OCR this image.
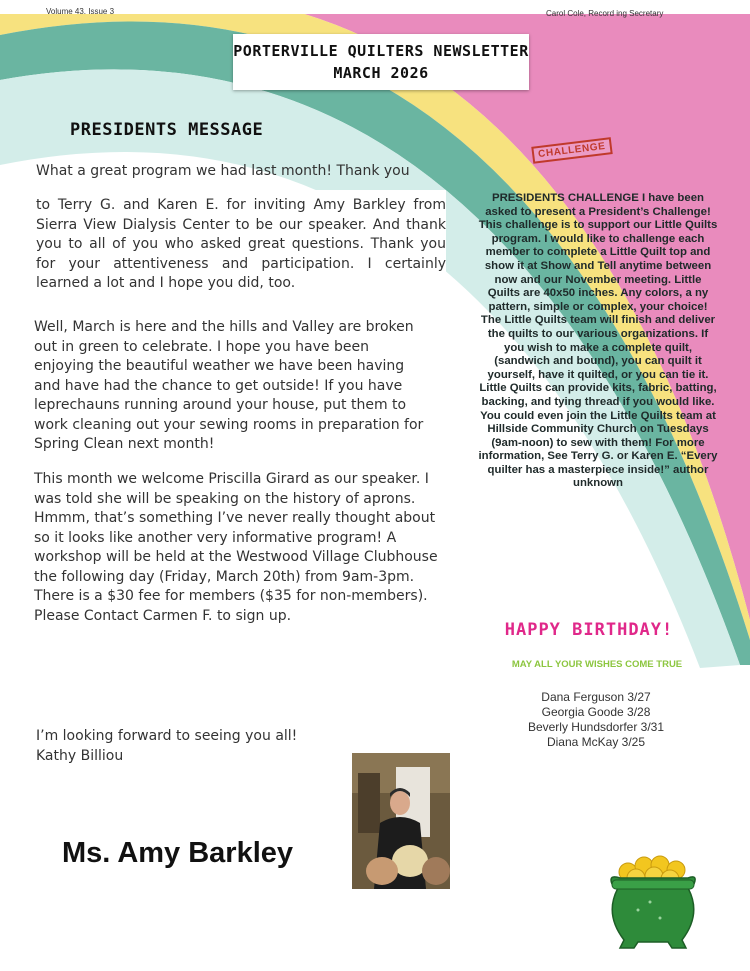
Volume 43. Issue 3	Carol Cole, Record ing Secretary
PORTERVILLE QUILTERS NEWSLETTER
MARCH 2026
PRESIDENTS MESSAGE
What a great program we had last month! Thank you
to Terry G. and Karen E. for inviting Amy Barkley from Sierra View Dialysis Center to be our speaker. And thank you to all of you who asked great questions. Thank you for your attentiveness and participation. I certainly learned a lot and I hope you did, too.
Well, March is here and the hills and Valley are broken out in green to celebrate. I hope you have been enjoying the beautiful weather we have been having and have had the chance to get outside! If you have leprechauns running around your house, put them to work cleaning out your sewing rooms in preparation for Spring Clean next month!
This month we welcome Priscilla Girard as our speaker. I was told she will be speaking on the history of aprons. Hmmm, that’s something I’ve never really thought about so it looks like another very informative program! A workshop will be held at the Westwood Village Clubhouse the following day (Friday, March 20th) from 9am-3pm. There is a $30 fee for members ($35 for non-members). Please Contact Carmen F. to sign up.
I’m looking forward to seeing you all!
Kathy Billiou
Ms. Amy Barkley
CHALLENGE
PRESIDENTS CHALLENGE I have been asked to present a President’s Challenge! This challenge is to support our Little Quilts program. I would like to challenge each member to complete a Little Quilt top and show it at Show and Tell anytime between now and our November meeting. Little Quilts are 40x50 inches. Any colors, a ny pattern, simple or complex, your choice! The Little Quilts team will finish and deliver the quilts to our various organizations. If you wish to make a complete quilt, (sandwich and bound), you can quilt it yourself, have it quilted, or you can tie it. Little Quilts can provide kits, fabric, batting, backing, and tying thread if you would like. You could even join the Little Quilts team at Hillside Community Church on Tuesdays (9am-noon) to sew with them! For more information, See Terry G. or Karen E. “Every quilter has a masterpiece inside!” author unknown
HAPPY BIRTHDAY!
MAY ALL YOUR WISHES COME TRUE
Dana Ferguson 3/27
Georgia Goode 3/28
Beverly Hundsdorfer 3/31
Diana McKay 3/25
